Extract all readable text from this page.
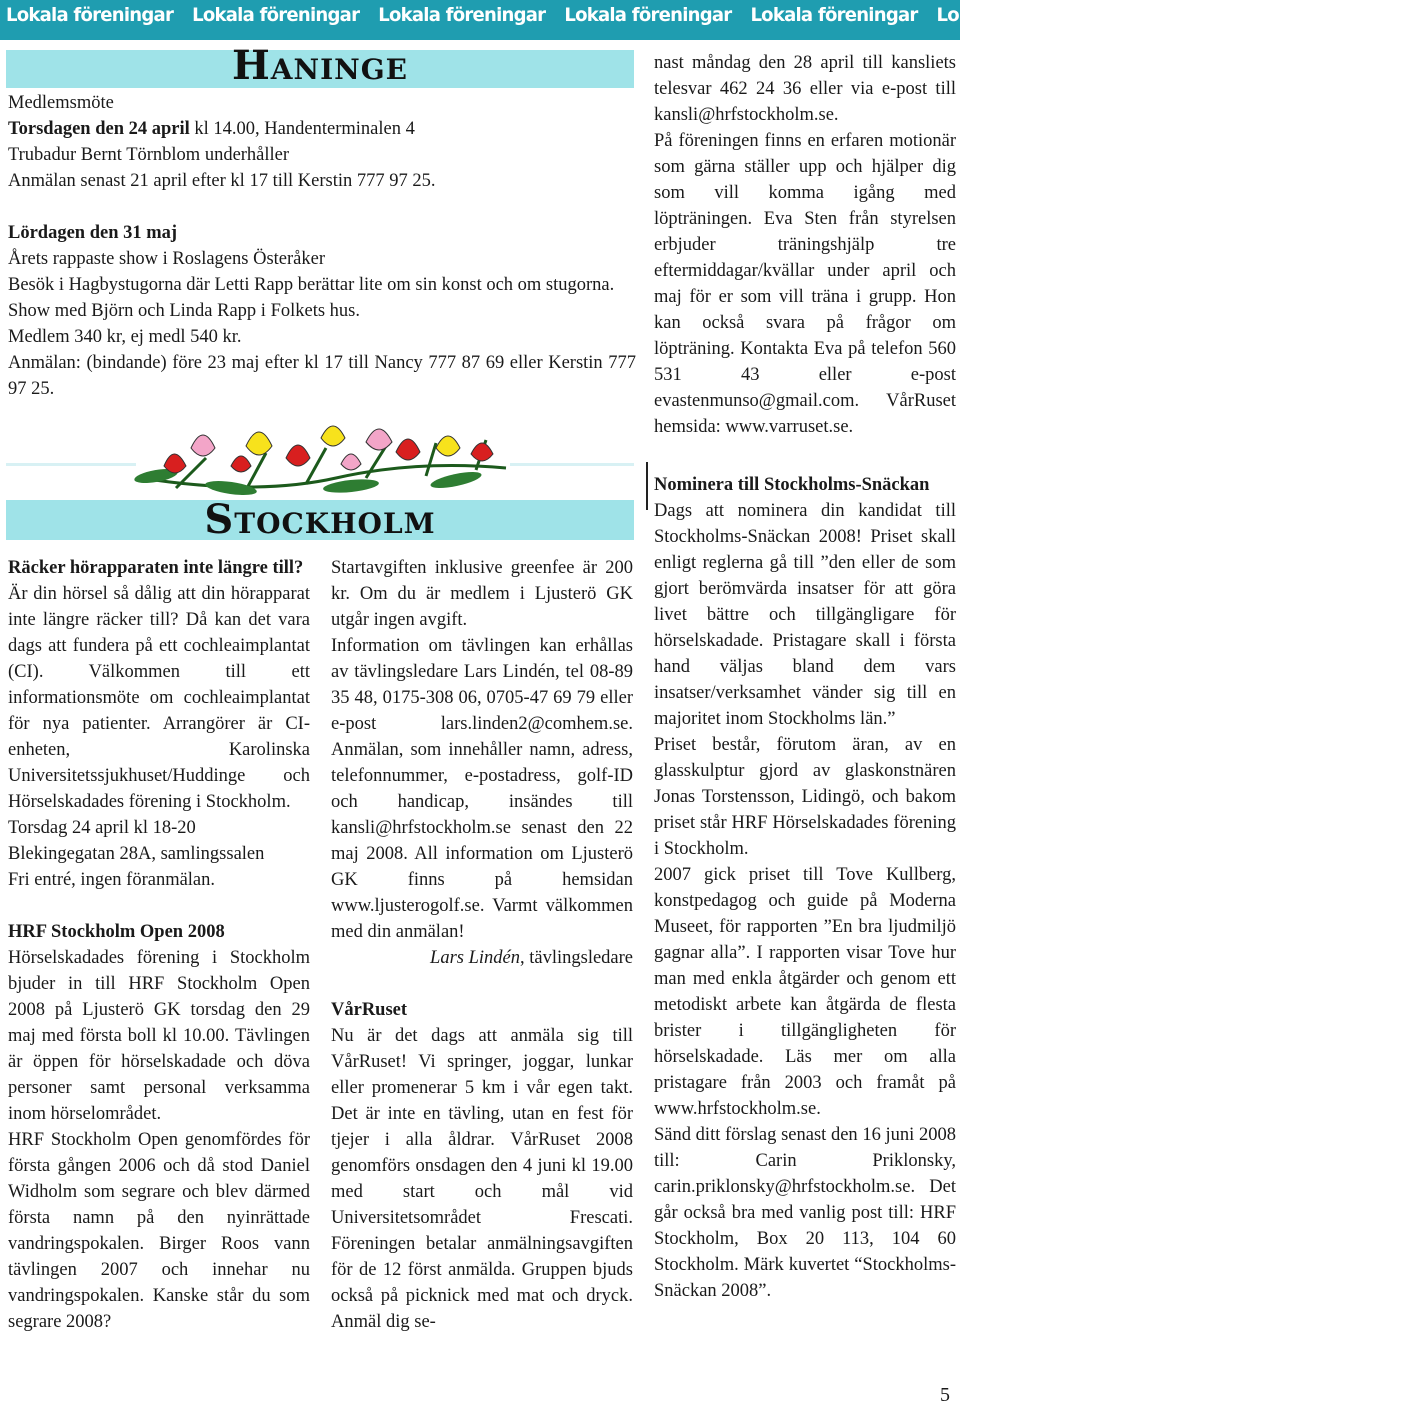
Lokala föreningar Lokala föreningar Lokala föreningar Lokala föreningar Lokala föreningar Lokala föreningar Lokala föreningar Lokala för
Haninge

Medlemsmöte

Torsdagen den 24 april kl 14.00, Handenterminalen 4

Trubadur Bernt Törnblom underhåller

Anmälan senast 21 april efter kl 17 till Kerstin 777 97 25.

Lördagen den 31 maj

Årets rappaste show i Roslagens Österåker

Besök i Hagbystugorna där Letti Rapp berättar lite om sin konst och om stugorna. Show med Björn och Linda Rapp i Folkets hus.

Medlem 340 kr, ej medl 540 kr.

Anmälan: (bindande) före 23 maj efter kl 17 till Nancy 777 87 69 eller Kerstin 777 97 25.

nast måndag den 28 april till kansliets telesvar 462 24 36 eller via e-post till kansli@hrfstockholm.se.

På föreningen finns en erfaren motionär som gärna ställer upp och hjälper dig som vill komma igång med löpträningen. Eva Sten från styrelsen erbjuder träningshjälp tre eftermiddagar/kvällar under april och maj för er som vill träna i grupp. Hon kan också svara på frågor om löpträning. Kontakta Eva på telefon 560 531 43 eller e-post evastenmunso@gmail.com. VårRuset hemsida: www.varruset.se.

Stockholm

Räcker hörapparaten inte längre till?

Är din hörsel så dålig att din hörapparat inte längre räcker till? Då kan det vara dags att fundera på ett cochleaimplantat (CI). Välkommen till ett informationsmöte om cochleaimplantat för nya patienter. Arrangörer är CI-enheten, Karolinska Universitetssjukhuset/Huddinge och Hörselskadades förening i Stockholm.

Torsdag 24 april kl 18-20

Blekingegatan 28A, samlingssalen

Fri entré, ingen föranmälan.

HRF Stockholm Open 2008

Hörselskadades förening i Stockholm bjuder in till HRF Stockholm Open 2008 på Ljusterö GK torsdag den 29 maj med första boll kl 10.00. Tävlingen är öppen för hörselskadade och döva personer samt personal verksamma inom hörselområdet.

HRF Stockholm Open genomfördes för första gången 2006 och då stod Daniel Widholm som segrare och blev därmed första namn på den nyinrättade vandringspokalen. Birger Roos vann tävlingen 2007 och innehar nu vandringspokalen. Kanske står du som segrare 2008?

Startavgiften inklusive greenfee är 200 kr. Om du är medlem i Ljusterö GK utgår ingen avgift.

Information om tävlingen kan erhållas av tävlingsledare Lars Lindén, tel 08-89 35 48, 0175-308 06, 0705-47 69 79 eller e-post lars.linden2@comhem.se. Anmälan, som innehåller namn, adress, telefonnummer, e-postadress, golf-ID och handicap, insändes till kansli@hrfstockholm.se senast den 22 maj 2008. All information om Ljusterö GK finns på hemsidan www.ljusterogolf.se. Varmt välkommen med din anmälan!

Lars Lindén, tävlingsledare

VårRuset

Nu är det dags att anmäla sig till VårRuset! Vi springer, joggar, lunkar eller promenerar 5 km i vår egen takt. Det är inte en tävling, utan en fest för tjejer i alla åldrar. VårRuset 2008 genomförs onsdagen den 4 juni kl 19.00 med start och mål vid Universitetsområdet Frescati. Föreningen betalar anmälningsavgiften för de 12 först anmälda. Gruppen bjuds också på picknick med mat och dryck. Anmäl dig se-

Nominera till Stockholms-Snäckan

Dags att nominera din kandidat till Stockholms-Snäckan 2008! Priset skall enligt reglerna gå till ”den eller de som gjort berömvärda insatser för att göra livet bättre och tillgängligare för hörselskadade. Pristagare skall i första hand väljas bland dem vars insatser/verksamhet vänder sig till en majoritet inom Stockholms län.”

Priset består, förutom äran, av en glasskulptur gjord av glaskonstnären Jonas Torstensson, Lidingö, och bakom priset står HRF Hörselskadades förening i Stockholm.

2007 gick priset till Tove Kullberg, konstpedagog och guide på Moderna Museet, för rapporten ”En bra ljudmiljö gagnar alla”. I rapporten visar Tove hur man med enkla åtgärder och genom ett metodiskt arbete kan åtgärda de flesta brister i tillgängligheten för hörselskadade. Läs mer om alla pristagare från 2003 och framåt på www.hrfstockholm.se.

Sänd ditt förslag senast den 16 juni 2008 till: Carin Priklonsky, carin.priklonsky@hrfstockholm.se. Det går också bra med vanlig post till: HRF Stockholm, Box 20 113, 104 60 Stockholm. Märk kuvertet “Stockholms-Snäckan 2008”.

5
